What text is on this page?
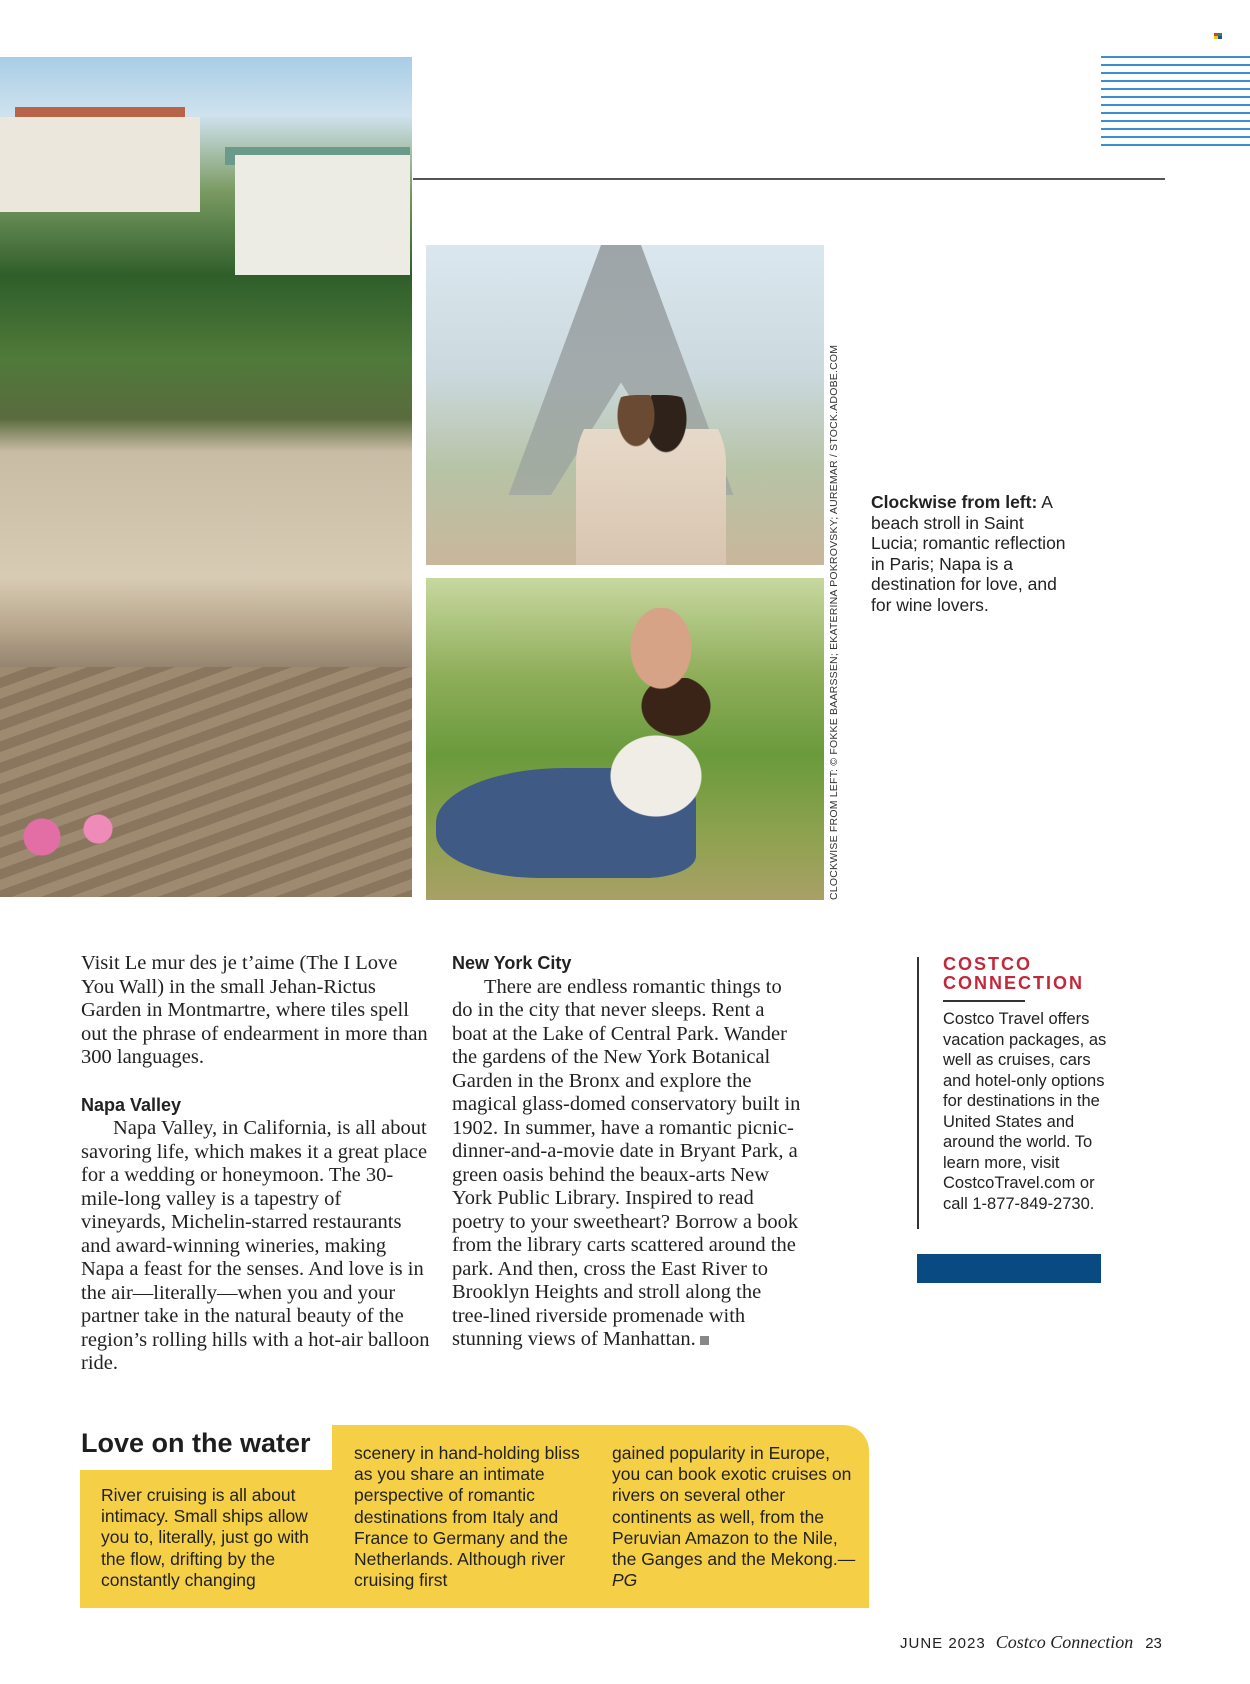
CLOCKWISE FROM LEFT: © FOKKE BAARSSEN; EKATERINA POKROVSKY; AUREMAR / STOCK.ADOBE.COM Clockwise from left: A beach stroll in Saint Lucia; romantic reflection in Paris; Napa is a destination for love, and for wine lovers.

Visit Le mur des je t’aime (The I Love You Wall) in the small Jehan-Rictus Garden in Montmartre, where tiles spell out the phrase of endearment in more than 300 languages.

Napa Valley

Napa Valley, in California, is all about savoring life, which makes it a great place for a wedding or honeymoon. The 30-mile-long valley is a tapestry of vineyards, Michelin-starred restaurants and award-winning wineries, making Napa a feast for the senses. And love is in the air—literally—when you and your partner take in the natural beauty of the region’s rolling hills with a hot-air balloon ride.

New York City

There are endless romantic things to do in the city that never sleeps. Rent a boat at the Lake of Central Park. Wander the gardens of the New York Botanical Garden in the Bronx and explore the magical glass-domed conservatory built in 1902. In summer, have a romantic picnic-dinner-and-a-movie date in Bryant Park, a green oasis behind the beaux-arts New York Public Library. Inspired to read poetry to your sweetheart? Borrow a book from the library carts scattered around the park. And then, cross the East River to Brooklyn Heights and stroll along the tree-lined riverside promenade with stunning views of Manhattan.

COSTCO
CONNECTION
Costco Travel offers vacation packages, as well as cruises, cars and hotel-only options for destinations in the United States and around the world. To learn more, visit CostcoTravel.com or call 1-877-849-2730.
Love on the water
River cruising is all about intimacy. Small ships allow you to, literally, just go with the flow, drifting by the constantly changing
scenery in hand-holding bliss as you share an intimate perspective of romantic destinations from Italy and France to Germany and the Netherlands. Although river cruising first
gained popularity in Europe, you can book exotic cruises on rivers on several other continents as well, from the Peruvian Amazon to the Nile, the Ganges and the Mekong.—PG
JUNE 2023 Costco Connection 23
